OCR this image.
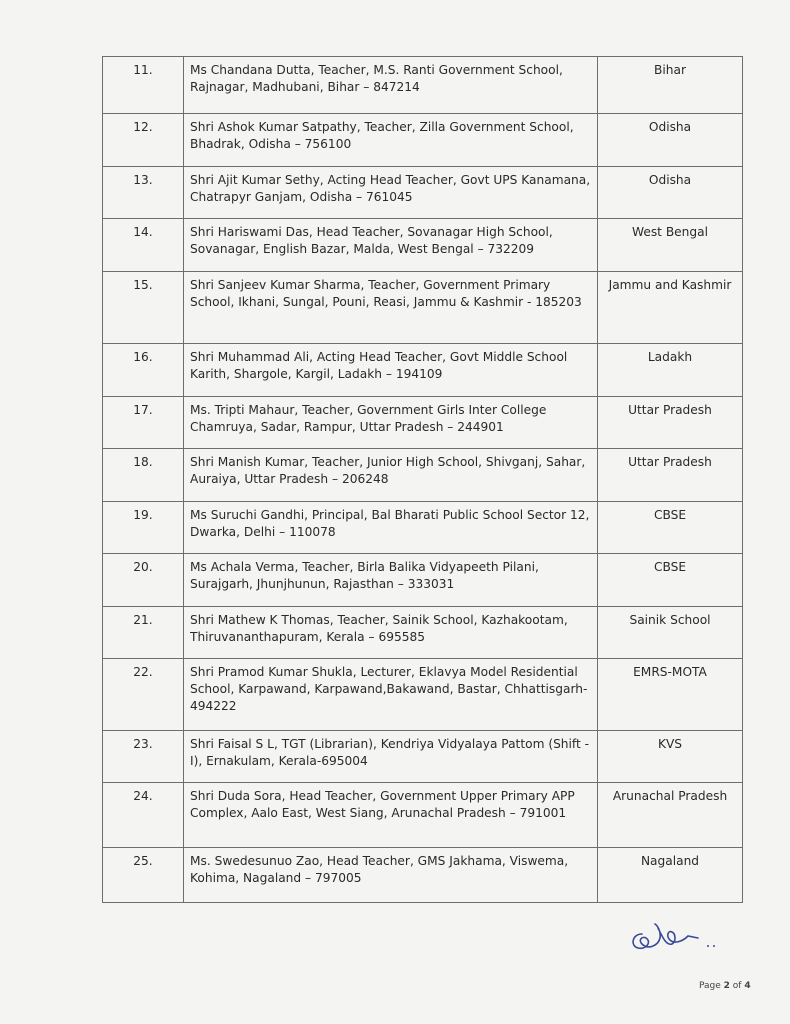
11.	Ms Chandana Dutta, Teacher, M.S. Ranti Government School, Rajnagar, Madhubani, Bihar – 847214	Bihar
12.	Shri Ashok Kumar Satpathy, Teacher, Zilla Government School, Bhadrak, Odisha – 756100	Odisha
13.	Shri Ajit Kumar Sethy, Acting Head Teacher, Govt UPS Kanamana, Chatrapyr Ganjam, Odisha – 761045	Odisha
14.	Shri Hariswami Das, Head Teacher, Sovanagar High School, Sovanagar, English Bazar, Malda, West Bengal – 732209	West Bengal
15.	Shri Sanjeev Kumar Sharma, Teacher, Government Primary School, Ikhani, Sungal, Pouni, Reasi, Jammu & Kashmir - 185203	Jammu and Kashmir
16.	Shri Muhammad Ali, Acting Head Teacher, Govt Middle School Karith, Shargole, Kargil, Ladakh – 194109	Ladakh
17.	Ms. Tripti Mahaur, Teacher, Government Girls Inter College Chamruya, Sadar, Rampur, Uttar Pradesh – 244901	Uttar Pradesh
18.	Shri Manish Kumar, Teacher, Junior High School, Shivganj, Sahar, Auraiya, Uttar Pradesh – 206248	Uttar Pradesh
19.	Ms Suruchi Gandhi, Principal, Bal Bharati Public School Sector 12, Dwarka, Delhi – 110078	CBSE
20.	Ms Achala Verma, Teacher, Birla Balika Vidyapeeth Pilani, Surajgarh, Jhunjhunun, Rajasthan – 333031	CBSE
21.	Shri Mathew K Thomas, Teacher, Sainik School, Kazhakootam, Thiruvananthapuram, Kerala – 695585	Sainik School
22.	Shri Pramod Kumar Shukla, Lecturer, Eklavya Model Residential School, Karpawand, Karpawand,Bakawand, Bastar, Chhattisgarh-494222	EMRS-MOTA
23.	Shri Faisal S L, TGT (Librarian), Kendriya Vidyalaya Pattom (Shift - I), Ernakulam, Kerala-695004	KVS
24.	Shri Duda Sora, Head Teacher, Government Upper Primary APP Complex, Aalo East, West Siang, Arunachal Pradesh – 791001	Arunachal Pradesh
25.	Ms. Swedesunuo Zao, Head Teacher, GMS Jakhama, Viswema, Kohima, Nagaland – 797005	Nagaland
Page 2 of 4
